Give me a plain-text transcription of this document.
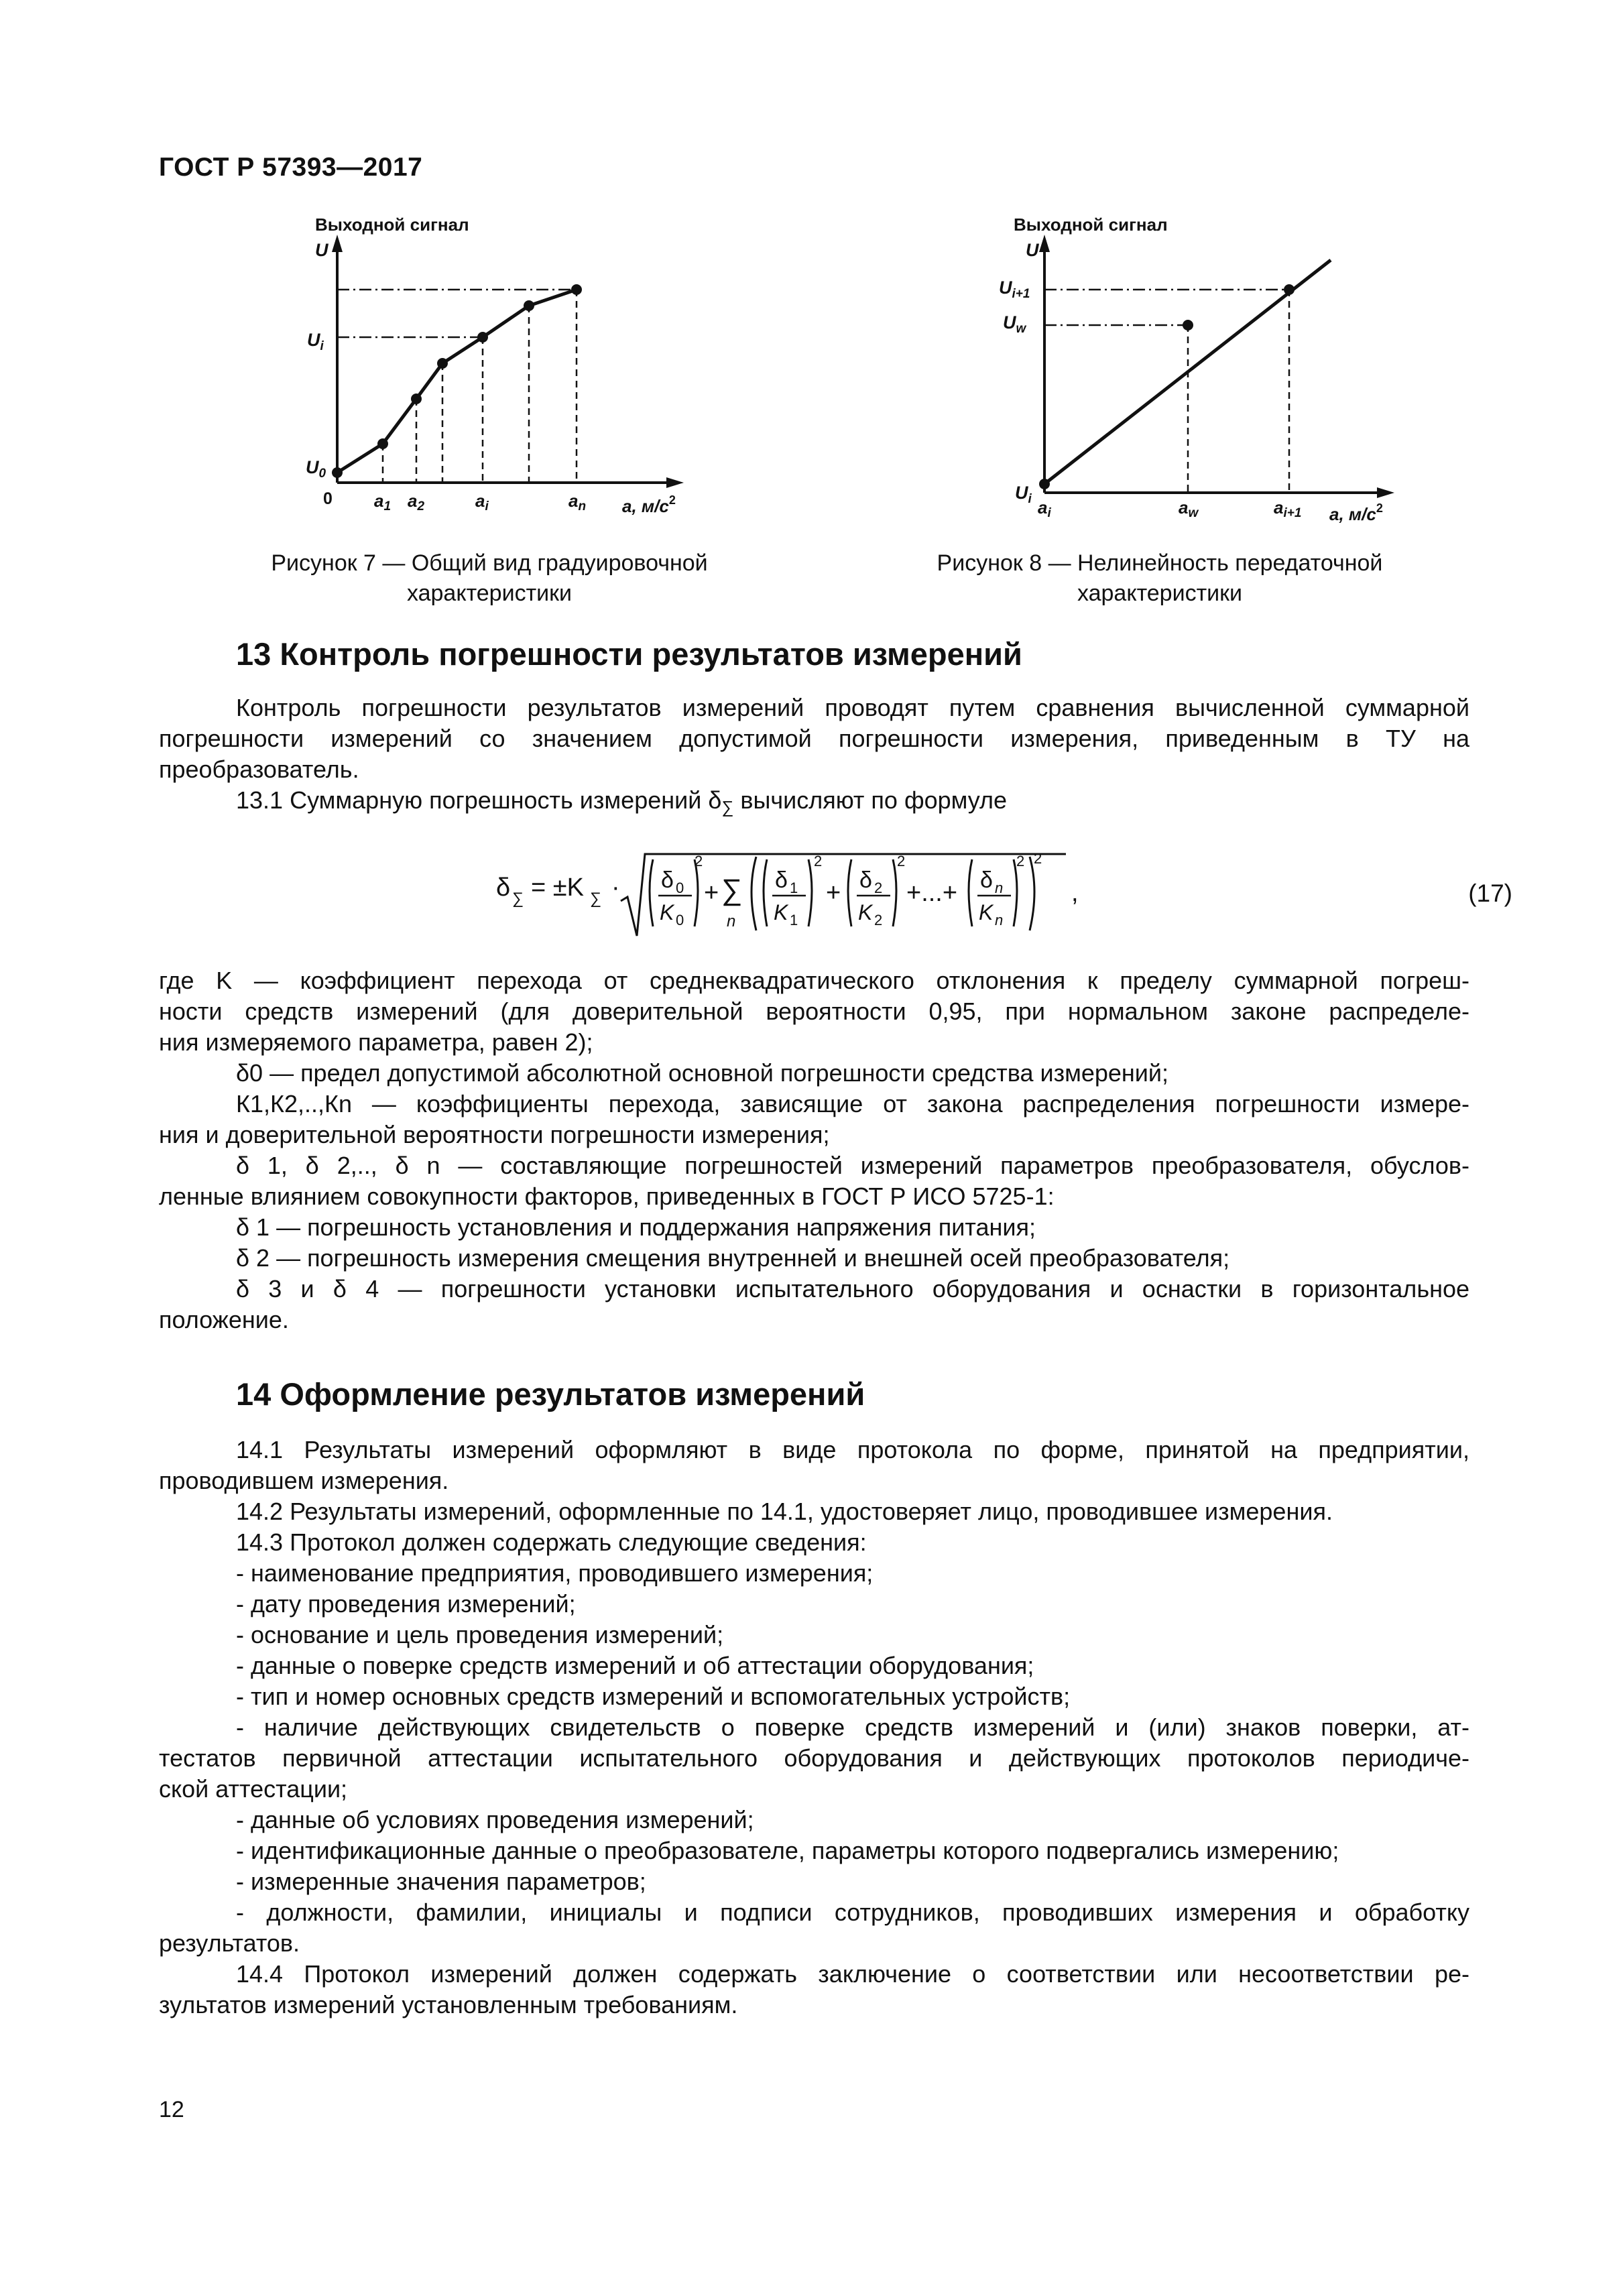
ГОСТ Р 57393—2017
Выходной сигнал
U
$U_i$
$U_0$
0 a1 a2	ai	an a, $м/с^2$
Рисунок 7 — Общий вид градуировочной
характеристики
Выходной сигнал
U
$U_{i+1}$
$U_w$
$U_i$ ai	aw	ai+1 a, $м/с^2$
Рисунок 8 — Нелинейность передаточной
характеристики
13 Контроль погрешности результатов измерений
Контроль погрешности результатов измерений проводят путем сравнения вычисленной суммарной
погрешности измерений со значением допустимой погрешности измерения, приведенным в ТУ на
преобразователь.
13.1 Суммарную погрешность измерений $\delta_\sum$ вычисляют по формуле
δ ∑ = ±K ∑ · δ 0
K 0
2
+ ∑
n
δ 1
K 1
2
+ δ 2
K 2
2
+...+ δ n
K n
2 2
,	(17)
где K — коэффициент перехода от среднеквадратического отклонения к пределу суммарной погреш-
ности средств измерений (для доверительной вероятности 0,95, при нормальном законе распределе-
ния измеряемого параметра, равен 2);
δ0 — предел допустимой абсолютной основной погрешности средства измерений;
К1,К2,..,Кn — коэффициенты перехода, зависящие от закона распределения погрешности измере-
ния и доверительной вероятности погрешности измерения;
δ 1, δ 2,.., δ n — составляющие погрешностей измерений параметров преобразователя, обуслов-
ленные влиянием совокупности факторов, приведенных в ГОСТ Р ИСО 5725-1:
δ 1 — погрешность установления и поддержания напряжения питания;
δ 2 — погрешность измерения смещения внутренней и внешней осей преобразователя;
δ 3 и δ 4 — погрешности установки испытательного оборудования и оснастки в горизонтальное
положение.
14 Оформление результатов измерений
14.1 Результаты измерений оформляют в виде протокола по форме, принятой на предприятии,
проводившем измерения.
14.2 Результаты измерений, оформленные по 14.1, удостоверяет лицо, проводившее измерения.
14.3 Протокол должен содержать следующие сведения:
- наименование предприятия, проводившего измерения;
- дату проведения измерений;
- основание и цель проведения измерений;
- данные о поверке средств измерений и об аттестации оборудования;
- тип и номер основных средств измерений и вспомогательных устройств;
- наличие действующих свидетельств о поверке средств измерений и (или) знаков поверки, ат-
тестатов первичной аттестации испытательного оборудования и действующих протоколов периодиче-
ской аттестации;
- данные об условиях проведения измерений;
- идентификационные данные о преобразователе, параметры которого подвергались измерению;
- измеренные значения параметров;
- должности, фамилии, инициалы и подписи сотрудников, проводивших измерения и обработку
результатов.
14.4 Протокол измерений должен содержать заключение о соответствии или несоответствии ре-
зультатов измерений установленным требованиям.
12
